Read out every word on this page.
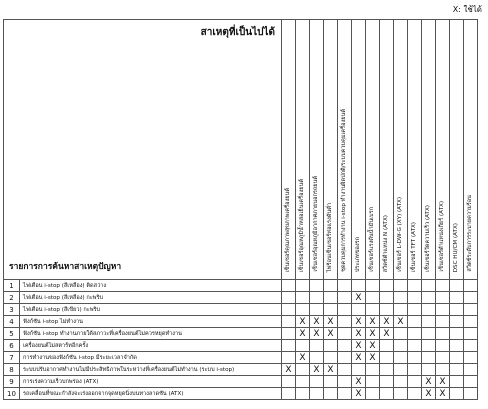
X: ใช้ได้
สาเหตุที่เป็นไปได้
รายการการค้นหาสาเหตุปัญหา		เซ็นเซอร์คุณภาพสุขภาพเครื่องยนต์	เซ็นเซอร์อุณหภูมิน้ำหล่อเย็นเครื่องยนต์	เซ็นเซอร์อุณหภูมิอากาศภายนอกรถยนต์	ไฟร้อนเซ็นเซอร์ท่อแรงดันต่ำ	ชุดควบคุมการทำงาน i-stop ทำงานผิดปกติ/ระบบควบคุมเครื่องยนต์	ประเภทของรถ	เซ็นเซอร์แรงดันน้ำมันเบรก	สวิตช์ตำแหน่ง N (ATX)	เซ็นเซอร์ L-DW-G (XY) (ATX)	เซ็นเซอร์ TFT (ATX)	เซ็นเซอร์วัดความเร็ว (ATX)	เซ็นเซอร์ตำแหน่งเกียร์ (ATX)	DSC HU/CM (ATX)	สวิตช์ระดับการระบายความร้อน
1	ไฟเตือน i-stop (สีเหลือง) ติดสว่าง														
2	ไฟเตือน i-stop (สีเหลือง) กะพริบ						X								
3	ไฟเตือน i-stop (สีเขียว) กะพริบ														
4	ฟังก์ชัน i-stop ไม่ทำงาน		X	X	X		X	X	X	X					
5	ฟังก์ชัน i-stop ทำงานภายใต้สภาวะที่เครื่องยนต์ไม่ควรหยุดทำงาน		X	X	X		X	X	X						
6	เครื่องยนต์ไม่สตาร์ทอีกครั้ง						X	X							
7	การทำงานของฟังก์ชัน i-stop มีระยะเวลาจำกัด		X				X	X							
8	ระบบปรับอากาศทำงานไม่มีประสิทธิภาพในระหว่างที่เครื่องยนต์ไม่ทำงาน (ระบบ i-stop)	X		X	X										
9	การเร่งความเร็วบกพร่อง (ATX)						X					X	X		
10	รถเคลื่อนที่ขณะกำลังจะเร่งออกจากจุดหยุดนิ่งบนทางลาดชัน (ATX)						X					X	X		
